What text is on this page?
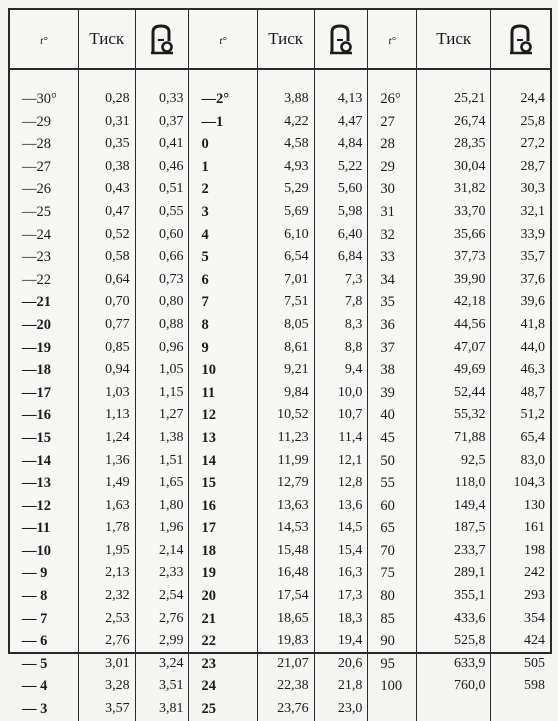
t°	Тиск		t°	Тиск		t°	Тиск	

—30°	0,28	0,33	—2°	3,88	4,13	26°	25,21	24,4
—29	0,31	0,37	—1	4,22	4,47	27	26,74	25,8
—28	0,35	0,41	0	4,58	4,84	28	28,35	27,2
—27	0,38	0,46	1	4,93	5,22	29	30,04	28,7
—26	0,43	0,51	2	5,29	5,60	30	31,82	30,3
—25	0,47	0,55	3	5,69	5,98	31	33,70	32,1
—24	0,52	0,60	4	6,10	6,40	32	35,66	33,9
—23	0,58	0,66	5	6,54	6,84	33	37,73	35,7
—22	0,64	0,73	6	7,01	7,3	34	39,90	37,6
—21	0,70	0,80	7	7,51	7,8	35	42,18	39,6
—20	0,77	0,88	8	8,05	8,3	36	44,56	41,8
—19	0,85	0,96	9	8,61	8,8	37	47,07	44,0
—18	0,94	1,05	10	9,21	9,4	38	49,69	46,3
—17	1,03	1,15	11	9,84	10,0	39	52,44	48,7
—16	1,13	1,27	12	10,52	10,7	40	55,32	51,2
—15	1,24	1,38	13	11,23	11,4	45	71,88	65,4
—14	1,36	1,51	14	11,99	12,1	50	92,5	83,0
—13	1,49	1,65	15	12,79	12,8	55	118,0	104,3
—12	1,63	1,80	16	13,63	13,6	60	149,4	130
—11	1,78	1,96	17	14,53	14,5	65	187,5	161
—10	1,95	2,14	18	15,48	15,4	70	233,7	198
— 9	2,13	2,33	19	16,48	16,3	75	289,1	242
— 8	2,32	2,54	20	17,54	17,3	80	355,1	293
— 7	2,53	2,76	21	18,65	18,3	85	433,6	354
— 6	2,76	2,99	22	19,83	19,4	90	525,8	424
— 5	3,01	3,24	23	21,07	20,6	95	633,9	505
— 4	3,28	3,51	24	22,38	21,8	100	760,0	598
— 3	3,57	3,81	25	23,76	23,0			
